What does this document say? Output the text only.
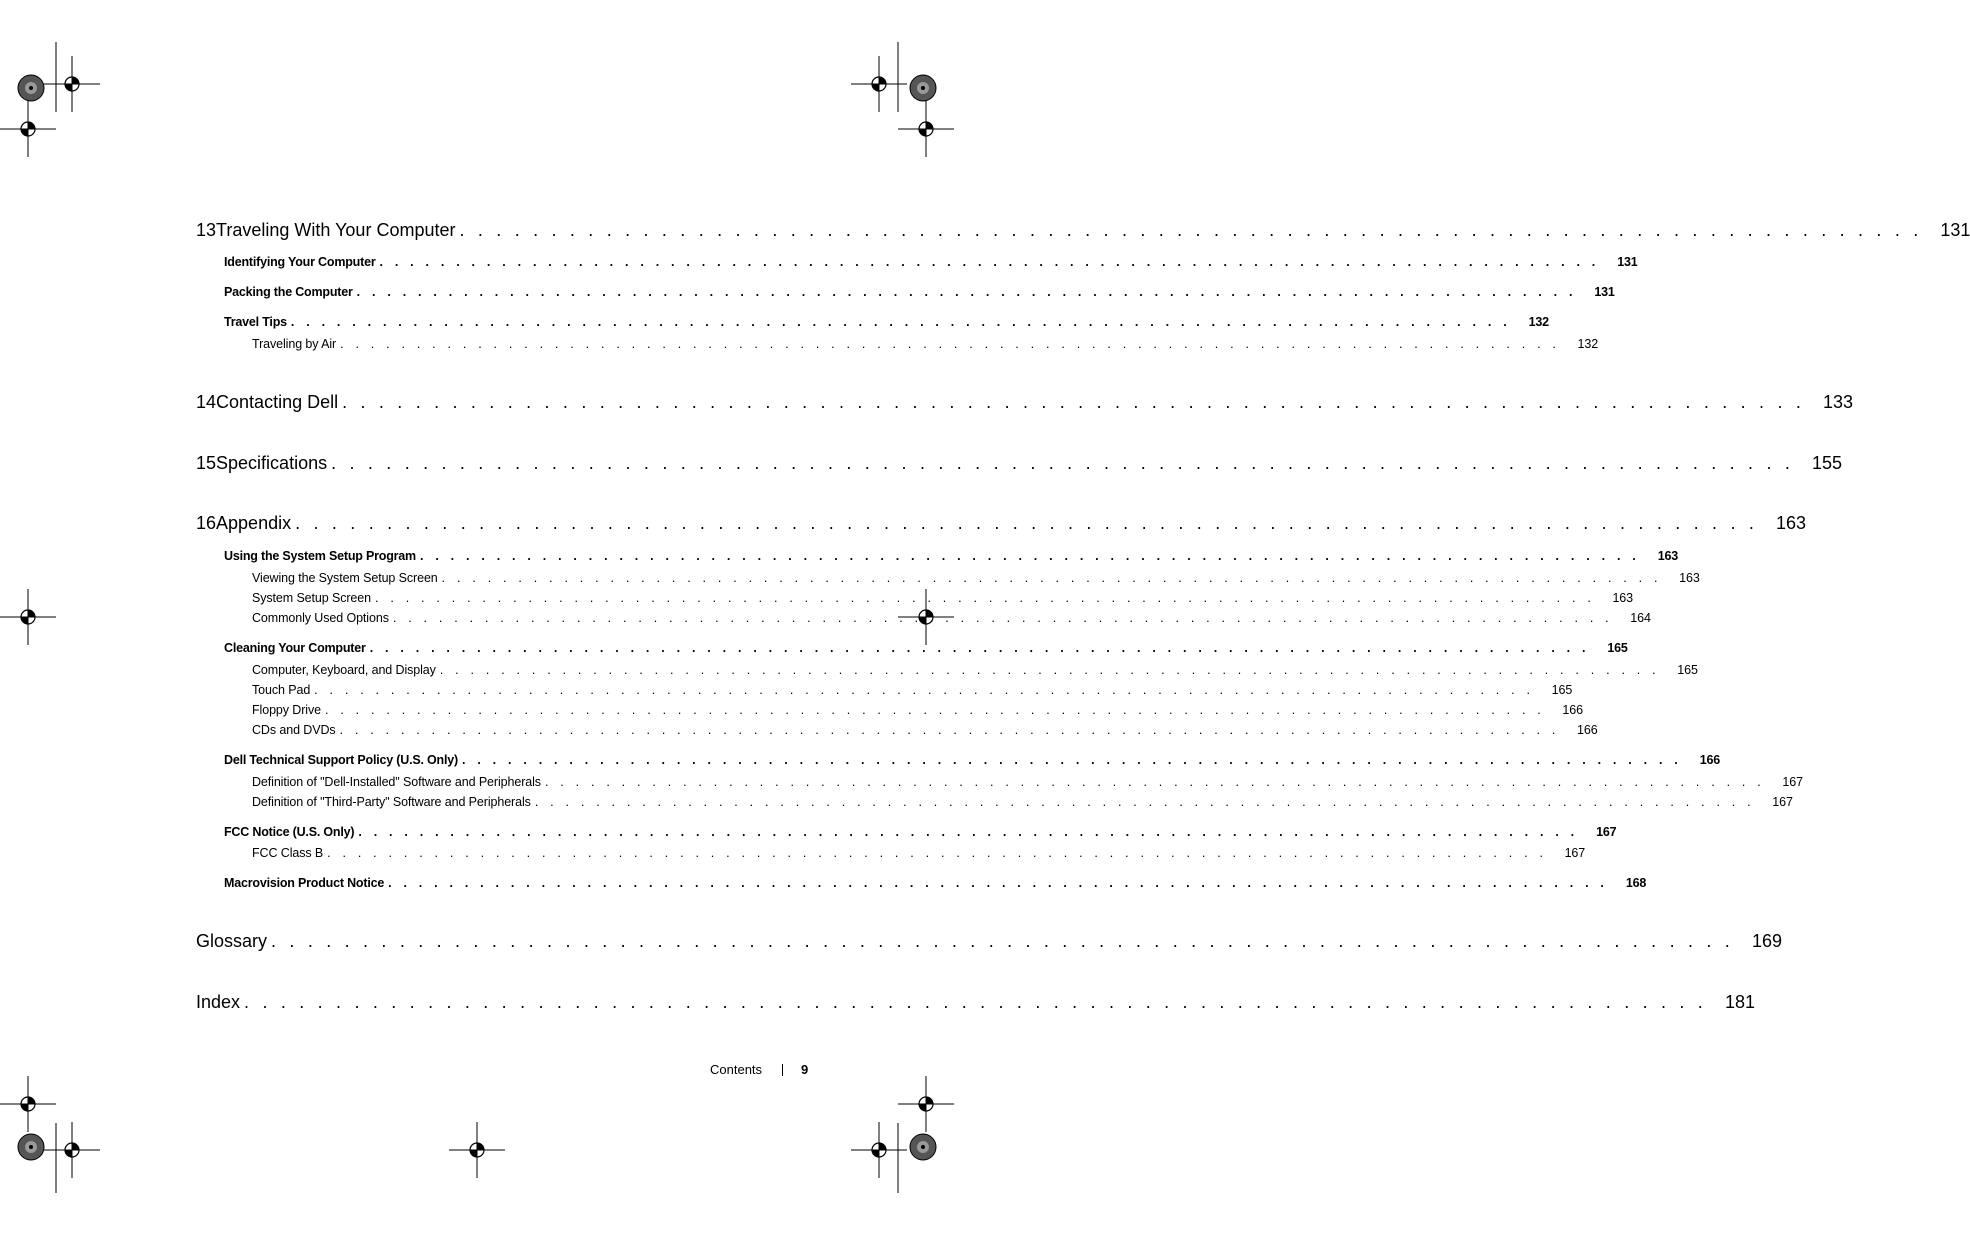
13 Traveling With Your Computer . . . . . . . . . . . . . . . . . . . . . . . . . . . . . . . . . . . . . . . . . . . . . . . . . . . . . . . . . . . . . . . . . . . . . . . . . . . . . . . . 131
Identifying Your Computer . . . . . . . . . . . . . . . . . . . . . . . . . . . . . . . . . . . . . . . . . . . . . . . . . . . . . . . . . . . . . . . . . . . . . . . . . . . . . . . .	131
Packing the Computer . . . . . . . . . . . . . . . . . . . . . . . . . . . . . . . . . . . . . . . . . . . . . . . . . . . . . . . . . . . . . . . . . . . . . . . . . . . . . . . .	131
Travel Tips . . . . . . . . . . . . . . . . . . . . . . . . . . . . . . . . . . . . . . . . . . . . . . . . . . . . . . . . . . . . . . . . . . . . . . . . . . . . . . . .	132
Traveling by Air . . . . . . . . . . . . . . . . . . . . . . . . . . . . . . . . . . . . . . . . . . . . . . . . . . . . . . . . . . . . . . . . . . . . . . . . . . . . . . . .	132
14 Contacting Dell . . . . . . . . . . . . . . . . . . . . . . . . . . . . . . . . . . . . . . . . . . . . . . . . . . . . . . . . . . . . . . . . . . . . . . . . . . . . . . . . 133
15 Specifications . . . . . . . . . . . . . . . . . . . . . . . . . . . . . . . . . . . . . . . . . . . . . . . . . . . . . . . . . . . . . . . . . . . . . . . . . . . . . . . . 155
16 Appendix . . . . . . . . . . . . . . . . . . . . . . . . . . . . . . . . . . . . . . . . . . . . . . . . . . . . . . . . . . . . . . . . . . . . . . . . . . . . . . . . 163
Using the System Setup Program . . . . . . . . . . . . . . . . . . . . . . . . . . . . . . . . . . . . . . . . . . . . . . . . . . . . . . . . . . . . . . . . . . . . . . . . . . . . . . . .	163
Viewing the System Setup Screen . . . . . . . . . . . . . . . . . . . . . . . . . . . . . . . . . . . . . . . . . . . . . . . . . . . . . . . . . . . . . . . . . . . . . . . . . . . . . . . .	163
System Setup Screen . . . . . . . . . . . . . . . . . . . . . . . . . . . . . . . . . . . . . . . . . . . . . . . . . . . . . . . . . . . . . . . . . . . . . . . . . . . . . . . .	163
Commonly Used Options . . . . . . . . . . . . . . . . . . . . . . . . . . . . . . . . . . . . . . . . . . . . . . . . . . . . . . . . . . . . . . . . . . . . . . . . . . . . . . . .	164
Cleaning Your Computer . . . . . . . . . . . . . . . . . . . . . . . . . . . . . . . . . . . . . . . . . . . . . . . . . . . . . . . . . . . . . . . . . . . . . . . . . . . . . . . .	165
Computer, Keyboard, and Display . . . . . . . . . . . . . . . . . . . . . . . . . . . . . . . . . . . . . . . . . . . . . . . . . . . . . . . . . . . . . . . . . . . . . . . . . . . . . . . .	165
Touch Pad . . . . . . . . . . . . . . . . . . . . . . . . . . . . . . . . . . . . . . . . . . . . . . . . . . . . . . . . . . . . . . . . . . . . . . . . . . . . . . . .	165
Floppy Drive . . . . . . . . . . . . . . . . . . . . . . . . . . . . . . . . . . . . . . . . . . . . . . . . . . . . . . . . . . . . . . . . . . . . . . . . . . . . . . . .	166
CDs and DVDs . . . . . . . . . . . . . . . . . . . . . . . . . . . . . . . . . . . . . . . . . . . . . . . . . . . . . . . . . . . . . . . . . . . . . . . . . . . . . . . .	166
Dell Technical Support Policy (U.S. Only) . . . . . . . . . . . . . . . . . . . . . . . . . . . . . . . . . . . . . . . . . . . . . . . . . . . . . . . . . . . . . . . . . . . . . . . . . . . . . . . .	166
Definition of "Dell-Installed" Software and Peripherals . . . . . . . . . . . . . . . . . . . . . . . . . . . . . . . . . . . . . . . . . . . . . . . . . . . . . . . . . . . . . . . . . . . . . . . . . . . . . . . .	167
Definition of "Third-Party" Software and Peripherals . . . . . . . . . . . . . . . . . . . . . . . . . . . . . . . . . . . . . . . . . . . . . . . . . . . . . . . . . . . . . . . . . . . . . . . . . . . . . . . .	167
FCC Notice (U.S. Only) . . . . . . . . . . . . . . . . . . . . . . . . . . . . . . . . . . . . . . . . . . . . . . . . . . . . . . . . . . . . . . . . . . . . . . . . . . . . . . . .	167
FCC Class B . . . . . . . . . . . . . . . . . . . . . . . . . . . . . . . . . . . . . . . . . . . . . . . . . . . . . . . . . . . . . . . . . . . . . . . . . . . . . . . .	167
Macrovision Product Notice . . . . . . . . . . . . . . . . . . . . . . . . . . . . . . . . . . . . . . . . . . . . . . . . . . . . . . . . . . . . . . . . . . . . . . . . . . . . . . . .	168
Glossary . . . . . . . . . . . . . . . . . . . . . . . . . . . . . . . . . . . . . . . . . . . . . . . . . . . . . . . . . . . . . . . . . . . . . . . . . . . . . . . . 169
Index . . . . . . . . . . . . . . . . . . . . . . . . . . . . . . . . . . . . . . . . . . . . . . . . . . . . . . . . . . . . . . . . . . . . . . . . . . . . . . . . 181
Contents	9
